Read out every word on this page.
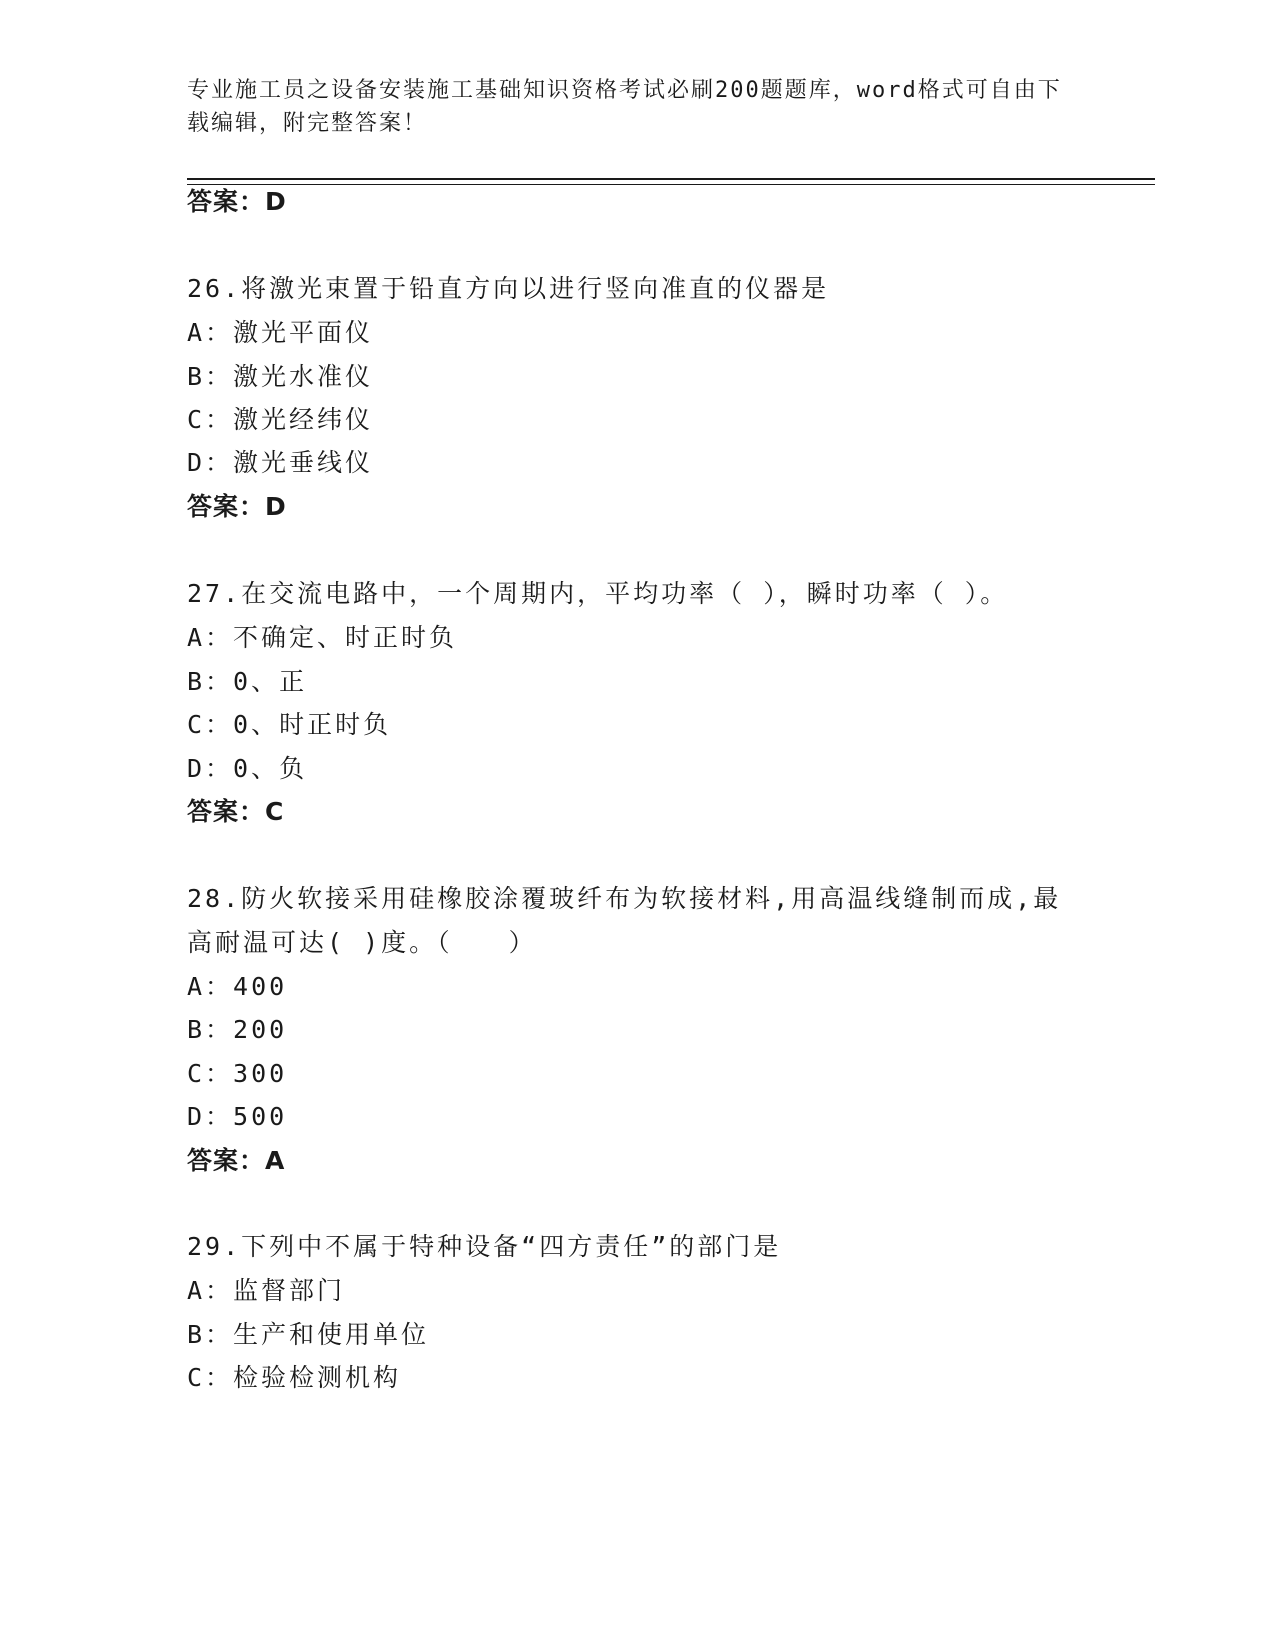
专业施工员之设备安装施工基础知识资格考试必刷200题题库，word格式可自由下载编辑，附完整答案！
答案：D
26.将激光束置于铅直方向以进行竖向准直的仪器是
A：激光平面仪
B：激光水准仪
C：激光经纬仪
D：激光垂线仪
答案：D
27.在交流电路中，一个周期内，平均功率（ ），瞬时功率（ ）。
A：不确定、时正时负
B：0、正
C：0、时正时负
D：0、负
答案：C
28.防火软接采用硅橡胶涂覆玻纤布为软接材料,用高温线缝制而成,最
高耐温可达( )度。（　　）
A：400
B：200
C：300
D：500
答案：A
29.下列中不属于特种设备“四方责任”的部门是
A：监督部门
B：生产和使用单位
C：检验检测机构
